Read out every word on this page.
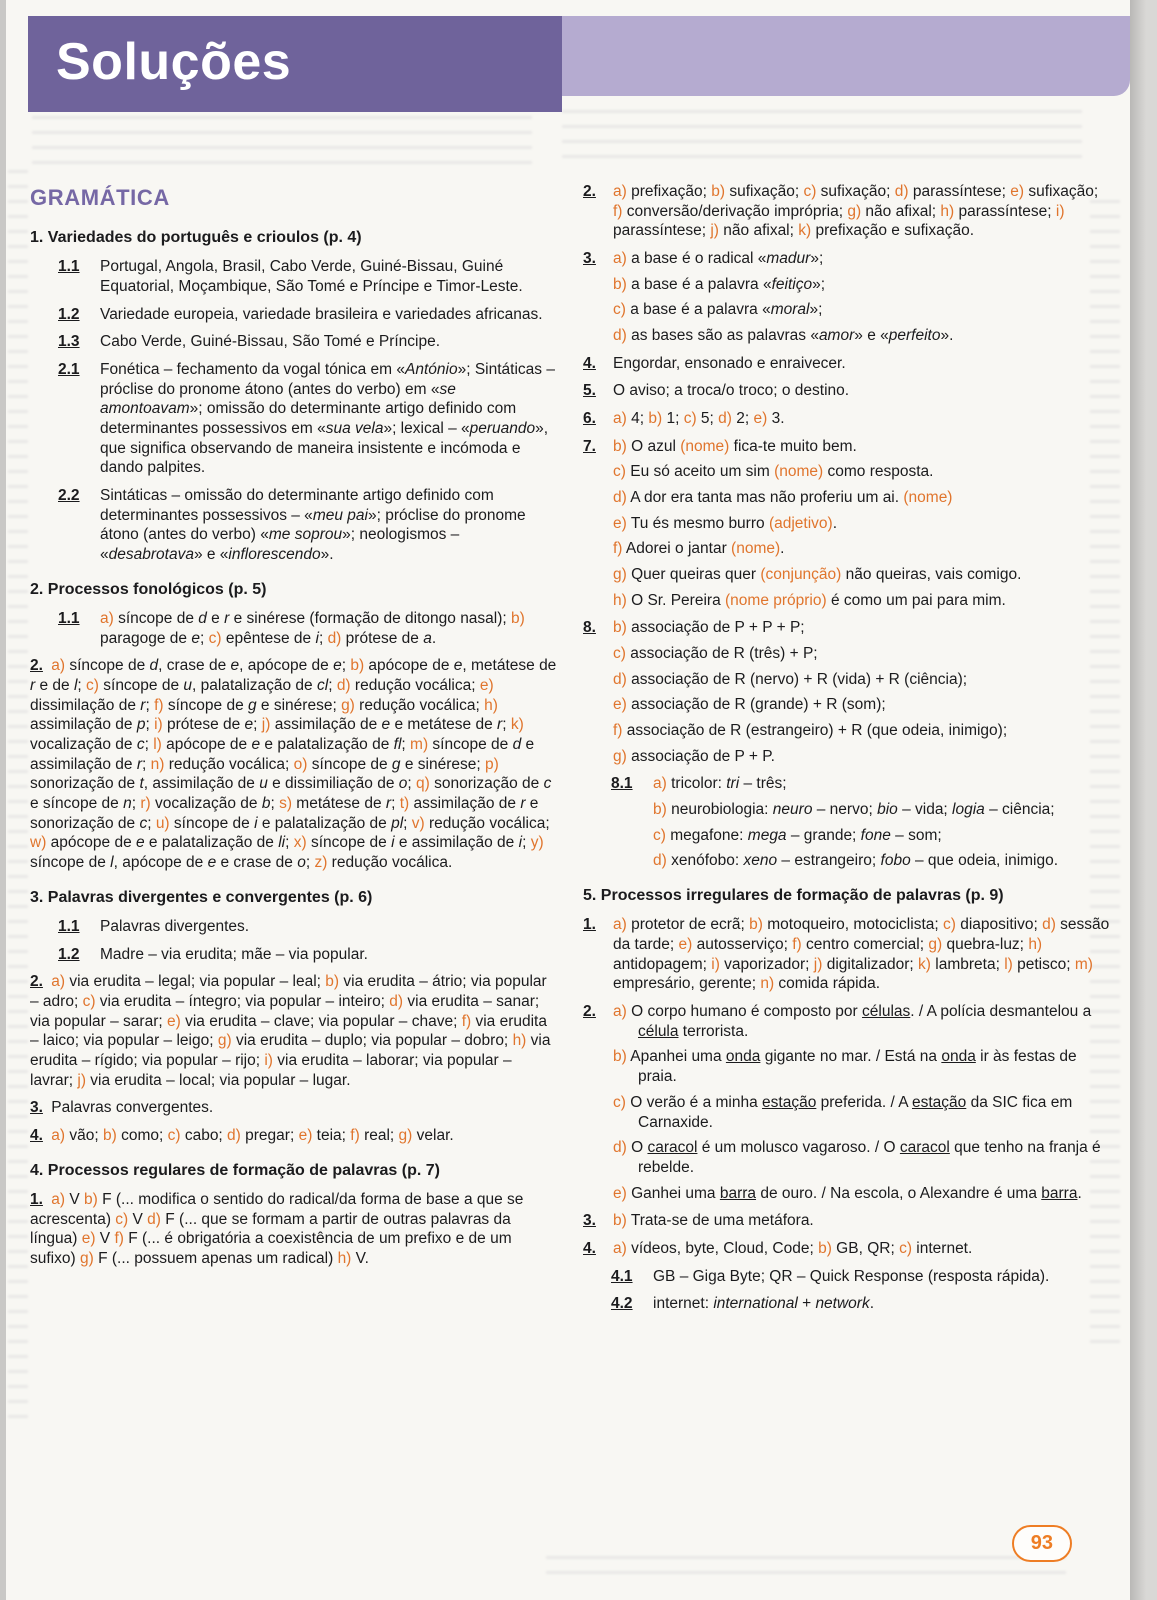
Soluções
GRAMÁTICA
1. Variedades do português e crioulos (p. 4)
1.1 Portugal, Angola, Brasil, Cabo Verde, Guiné-Bissau, Guiné Equatorial, Moçambique, São Tomé e Príncipe e Timor-Leste.
1.2 Variedade europeia, variedade brasileira e variedades africanas.
1.3 Cabo Verde, Guiné-Bissau, São Tomé e Príncipe.
2.1 Fonética – fechamento da vogal tónica em «António»; Sintáticas – próclise do pronome átono (antes do verbo) em «se amontoavam»; omissão do determinante artigo definido com determinantes possessivos em «sua vela»; lexical – «peruando», que significa observando de maneira insistente e incómoda e dando palpites.
2.2 Sintáticas – omissão do determinante artigo definido com determinantes possessivos – «meu pai»; próclise do pronome átono (antes do verbo) «me soprou»; neologismos – «desabrotava» e «inflorescendo».
2. Processos fonológicos (p. 5)
1.1 a) síncope de d e r e sinérese (formação de ditongo nasal); b) paragoge de e; c) epêntese de i; d) prótese de a.
2. a) síncope de d, crase de e, apócope de e; b) apócope de e, metátese de r e de l; c) síncope de u, palatalização de cl; d) redução vocálica; e) dissimilação de r; f) síncope de g e sinérese; g) redução vocálica; h) assimilação de p; i) prótese de e; j) assimilação de e e metátese de r; k) vocalização de c; l) apócope de e e palatalização de fl; m) síncope de d e assimilação de r; n) redução vocálica; o) síncope de g e sinérese; p) sonorização de t, assimilação de u e dissimiliação de o; q) sonorização de c e síncope de n; r) vocalização de b; s) metátese de r; t) assimilação de r e sonorização de c; u) síncope de i e palatalização de pl; v) redução vocálica; w) apócope de e e palatalização de li; x) síncope de i e assimilação de i; y) síncope de l, apócope de e e crase de o; z) redução vocálica.
3. Palavras divergentes e convergentes (p. 6)
1.1 Palavras divergentes.
1.2 Madre – via erudita; mãe – via popular.
2. a) via erudita – legal; via popular – leal; b) via erudita – átrio; via popular – adro; c) via erudita – íntegro; via popular – inteiro; d) via erudita – sanar; via popular – sarar; e) via erudita – clave; via popular – chave; f) via erudita – laico; via popular – leigo; g) via erudita – duplo; via popular – dobro; h) via erudita – rígido; via popular – rijo; i) via erudita – laborar; via popular – lavrar; j) via erudita – local; via popular – lugar.
3. Palavras convergentes.
4. a) vão; b) como; c) cabo; d) pregar; e) teia; f) real; g) velar.
4. Processos regulares de formação de palavras (p. 7)
1. a) V b) F (... modifica o sentido do radical/da forma de base a que se acrescenta) c) V d) F (... que se formam a partir de outras palavras da língua) e) V f) F (... é obrigatória a coexistência de um prefixo e de um sufixo) g) F (... possuem apenas um radical) h) V.
2. a) prefixação; b) sufixação; c) sufixação; d) parassíntese; e) sufixação; f) conversão/derivação imprópria; g) não afixal; h) parassíntese; i) parassíntese; j) não afixal; k) prefixação e sufixação.
3. a) a base é o radical «madur»;
b) a base é a palavra «feitiço»;
c) a base é a palavra «moral»;
d) as bases são as palavras «amor» e «perfeito».
4. Engordar, ensonado e enraivecer.
5. O aviso; a troca/o troco; o destino.
6. a) 4; b) 1; c) 5; d) 2; e) 3.
7. b) O azul (nome) fica-te muito bem.
c) Eu só aceito um sim (nome) como resposta.
d) A dor era tanta mas não proferiu um ai. (nome)
e) Tu és mesmo burro (adjetivo).
f) Adorei o jantar (nome).
g) Quer queiras quer (conjunção) não queiras, vais comigo.
h) O Sr. Pereira (nome próprio) é como um pai para mim.
8. b) associação de P + P + P;
c) associação de R (três) + P;
d) associação de R (nervo) + R (vida) + R (ciência);
e) associação de R (grande) + R (som);
f) associação de R (estrangeiro) + R (que odeia, inimigo);
g) associação de P + P.
8.1 a) tricolor: tri – três;
b) neurobiologia: neuro – nervo; bio – vida; logia – ciência;
c) megafone: mega – grande; fone – som;
d) xenófobo: xeno – estrangeiro; fobo – que odeia, inimigo.
5. Processos irregulares de formação de palavras (p. 9)
1. a) protetor de ecrã; b) motoqueiro, motociclista; c) diapositivo; d) sessão da tarde; e) autosserviço; f) centro comercial; g) quebra-luz; h) antidopagem; i) vaporizador; j) digitalizador; k) lambreta; l) petisco; m) empresário, gerente; n) comida rápida.
2. a) O corpo humano é composto por células. / A polícia desmantelou a célula terrorista.
b) Apanhei uma onda gigante no mar. / Está na onda ir às festas de praia.
c) O verão é a minha estação preferida. / A estação da SIC fica em Carnaxide.
d) O caracol é um molusco vagaroso. / O caracol que tenho na franja é rebelde.
e) Ganhei uma barra de ouro. / Na escola, o Alexandre é uma barra.
3. b) Trata-se de uma metáfora.
4. a) vídeos, byte, Cloud, Code; b) GB, QR; c) internet.
4.1 GB – Giga Byte; QR – Quick Response (resposta rápida).
4.2 internet: international + network.
93
